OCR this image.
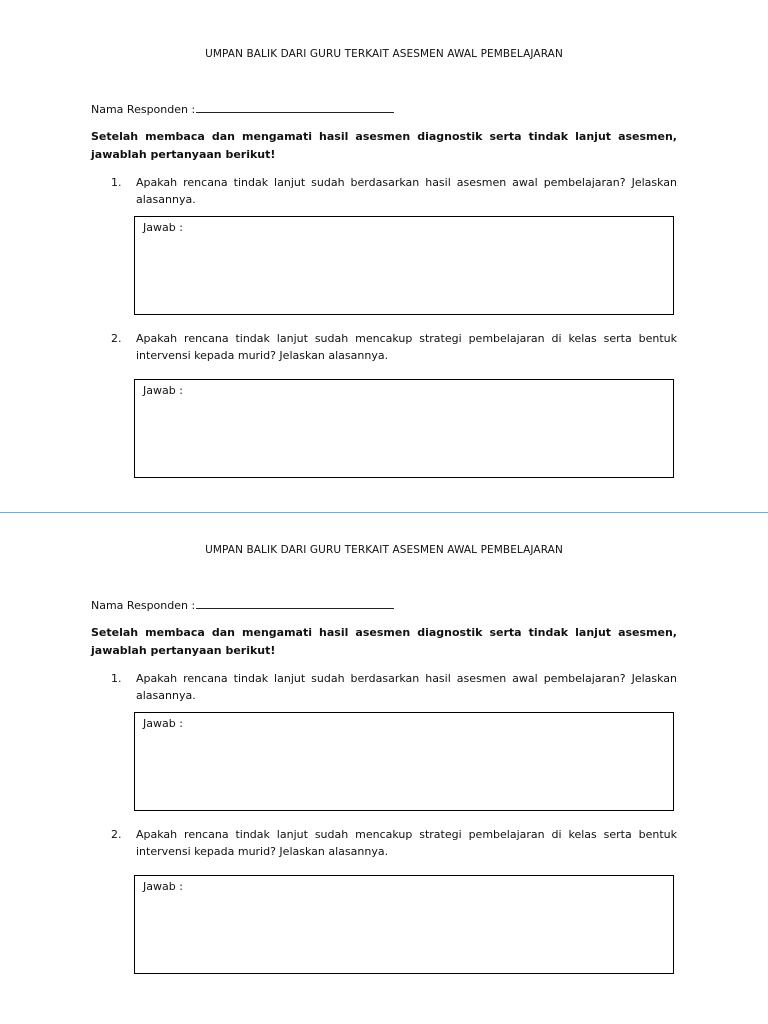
UMPAN BALIK DARI GURU TERKAIT ASESMEN AWAL PEMBELAJARAN
Nama Responden :
Setelah membaca dan mengamati hasil asesmen diagnostik serta tindak lanjut asesmen, jawablah pertanyaan berikut!
1. Apakah rencana tindak lanjut sudah berdasarkan hasil asesmen awal pembelajaran? Jelaskan alasannya.
Jawab :
2. Apakah rencana tindak lanjut sudah mencakup strategi pembelajaran di kelas serta bentuk intervensi kepada murid? Jelaskan alasannya.
Jawab :
UMPAN BALIK DARI GURU TERKAIT ASESMEN AWAL PEMBELAJARAN
Nama Responden :
Setelah membaca dan mengamati hasil asesmen diagnostik serta tindak lanjut asesmen, jawablah pertanyaan berikut!
1. Apakah rencana tindak lanjut sudah berdasarkan hasil asesmen awal pembelajaran? Jelaskan alasannya.
Jawab :
2. Apakah rencana tindak lanjut sudah mencakup strategi pembelajaran di kelas serta bentuk intervensi kepada murid? Jelaskan alasannya.
Jawab :
